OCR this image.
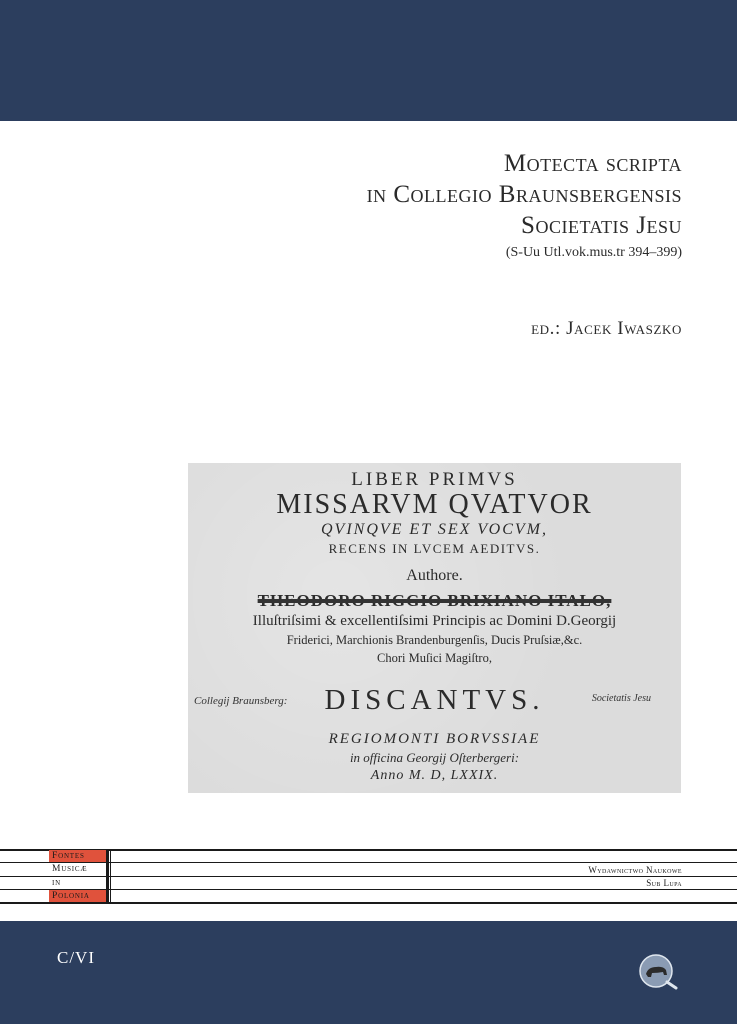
Motecta scripta
in Collegio Braunsbergensis
Societatis Jesu
(S-Uu Utl.vok.mus.tr 394–399)
ed.: Jacek Iwaszko
LIBER PRIMVS
MISSARVM QVATVOR
QVINQVE ET SEX VOCVM,
RECENS IN LVCEM AEDITVS.
Authore.
THEODORO RIGGIO BRIXIANO ITALO,
Illuſtriſsimi & excellentiſsimi Principis ac Domini D.Georgij
Friderici, Marchionis Brandenburgenſis, Ducis Pruſsiæ,&c.
Chori Muſici Magiſtro,
DISCANTVS.
Collegij Braunsberg:	Societatis Jesu
REGIOMONTI BORVSSIAE
in officina Georgij Oſterbergeri:
Anno M. D, LXXIX.
Fontes
Musicæ
in
Polonia
Wydawnictwo Naukowe
Sub Lupa
C/VI
